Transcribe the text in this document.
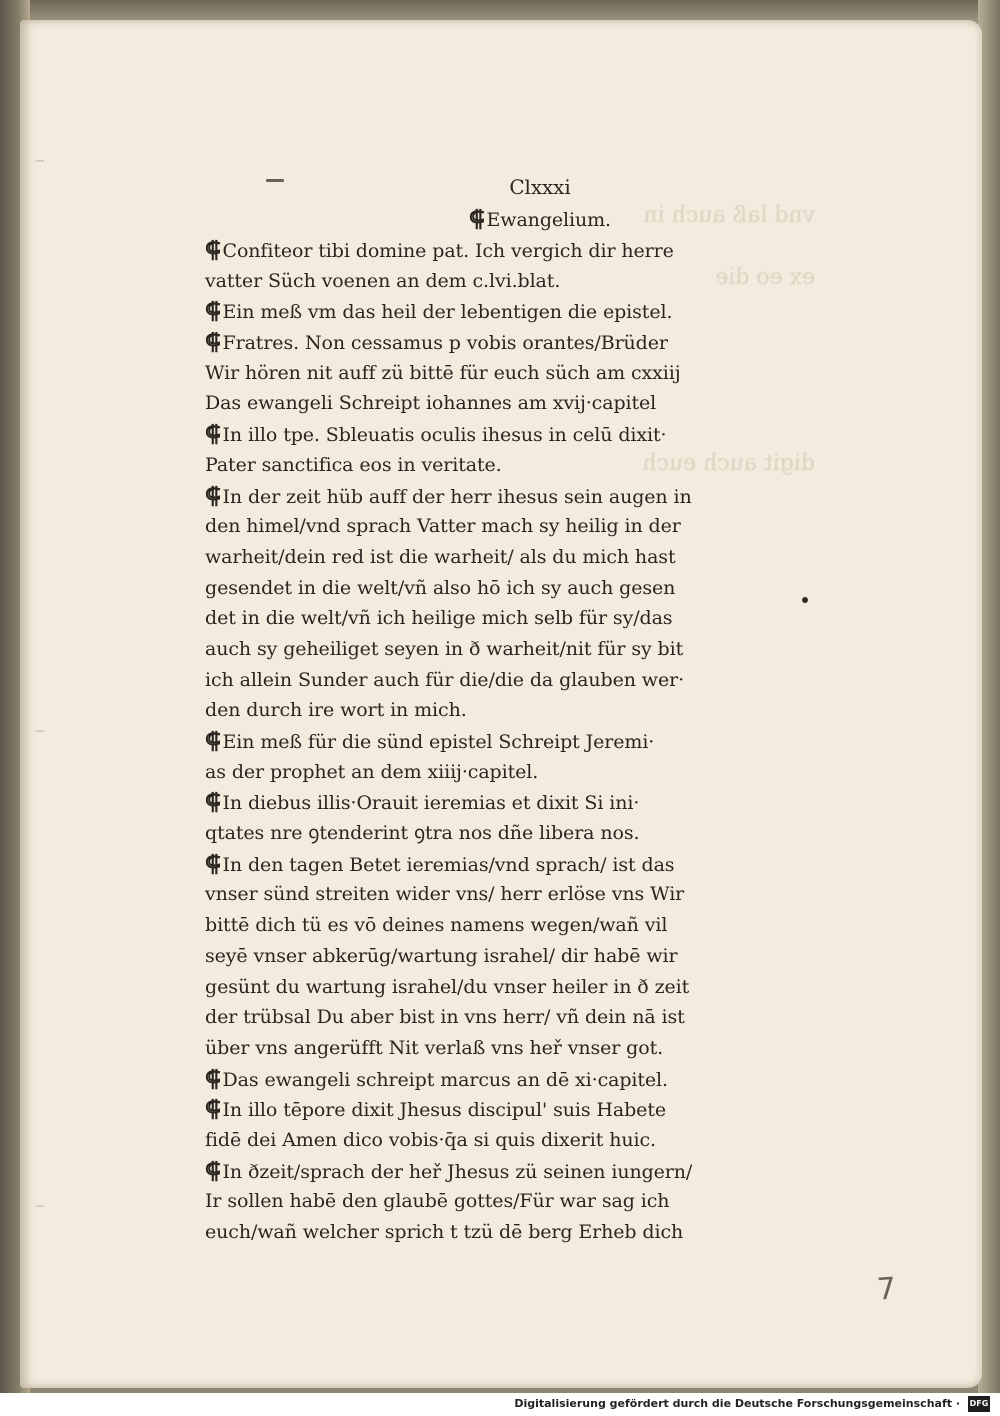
vnd laß auch in

ex eo die

digit auch euch
Clxxxi
⸿ Ewangelium.
⸿ Confiteor tibi domine pat. Ich vergich dir herre
vatter Süch voenen an dem c.lvi.blat.
⸿ Ein meß vm das heil der lebentigen die epistel.
⸿ Fratres. Non cessamus p vobis orantes/Brüder
Wir hören nit auff zü bittē für euch süch am cxxiij
Das ewangeli Schreipt iohannes am xvij·capitel
⸿ In illo tpe. Sbleuatis oculis ihesus in celū dixit·
Pater sanctifica eos in veritate.
⸿ In der zeit hüb auff der herr ihesus sein augen in
den himel/vnd sprach Vatter mach sy heilig in der
warheit/dein red ist die warheit/ als du mich hast
gesendet in die welt/vñ also hō ich sy auch gesen
det in die welt/vñ ich heilige mich selb für sy/das
auch sy geheiliget seyen in ð warheit/nit für sy bit
ich allein Sunder auch für die/die da glauben wer·
den durch ire wort in mich.
⸿ Ein meß für die sünd epistel Schreipt Jeremi·
as der prophet an dem xiiij·capitel.
⸿ In diebus illis·Orauit ieremias et dixit Si ini·
qtates nre ꝯtenderint ꝯtra nos dñe libera nos.
⸿ In den tagen Betet ieremias/vnd sprach/ ist das
vnser sünd streiten wider vns/ herr erlöse vns Wir
bittē dich tü es vō deines namens wegen/wañ vil
seyē vnser abkerūg/wartung israhel/ dir habē wir
gesünt du wartung israhel/du vnser heiler in ð zeit
der trübsal Du aber bist in vns herr/ vñ dein nā ist
über vns angerüfft Nit verlaß vns heř vnser got.
⸿ Das ewangeli schreipt marcus an dē xi·capitel.
⸿ In illo tēpore dixit Jhesus discipul' suis Habete
fidē dei Amen dico vobis·q̄a si quis dixerit huic.
⸿ In ðzeit/sprach der heř Jhesus zü seinen iungern/
Ir sollen habē den glaubē gottes/Für war sag ich
euch/wañ welcher sprich t tzü dē berg Erheb dich
7
Digitalisierung gefördert durch die Deutsche Forschungsgemeinschaft · DFG
